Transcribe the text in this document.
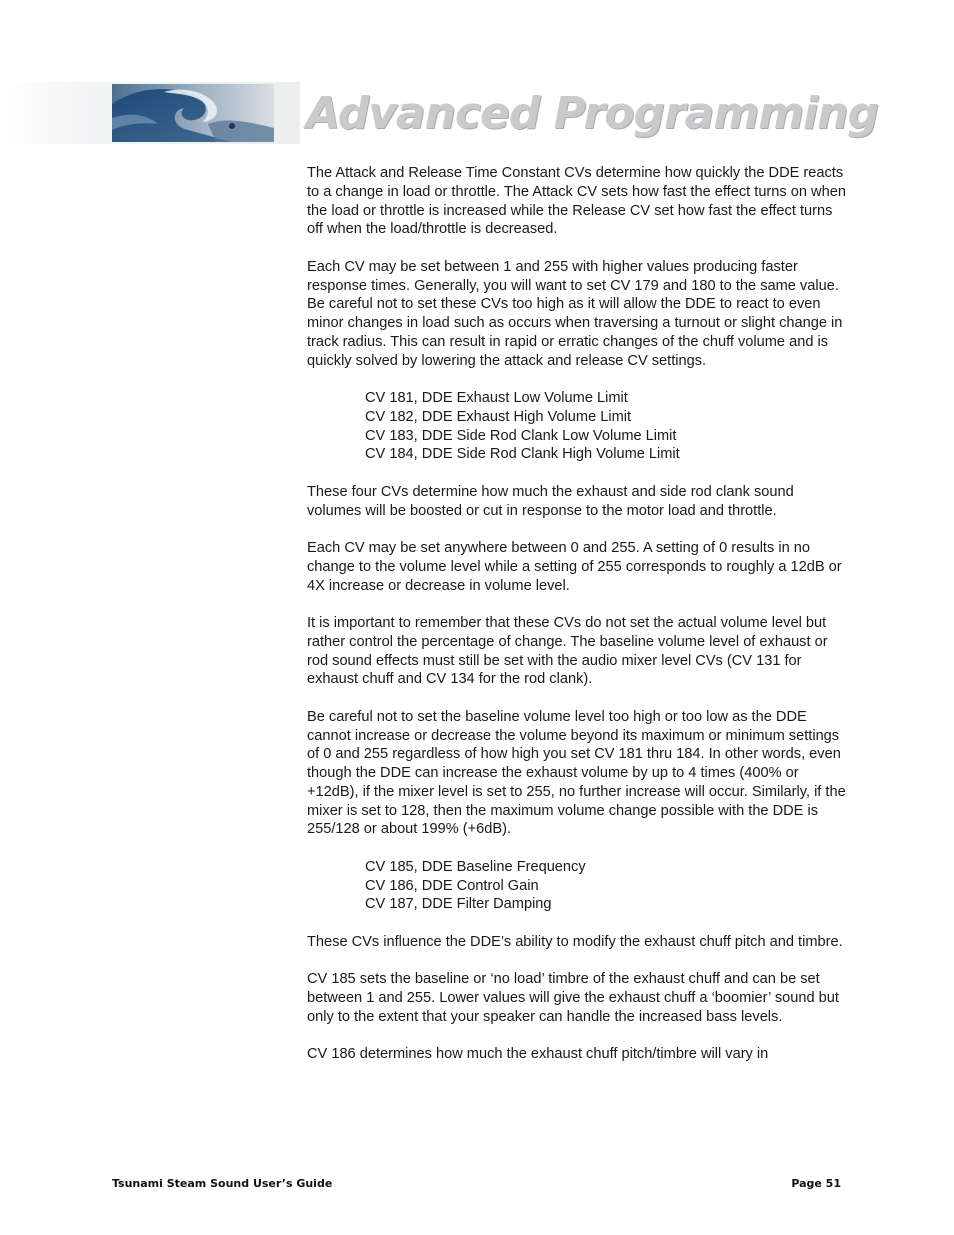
Advanced Programming

The Attack and Release Time Constant CVs determine how quickly the DDE reacts to a change in load or throttle. The Attack CV sets how fast the effect turns on when the load or throttle is increased while the Release CV set how fast the effect turns off when the load/throttle is decreased.

Each CV may be set between 1 and 255 with higher values producing faster response times. Generally, you will want to set CV 179 and 180 to the same value. Be careful not to set these CVs too high as it will allow the DDE to react to even minor changes in load such as occurs when traversing a turnout or slight change in track radius. This can result in rapid or erratic changes of the chuff volume and is quickly solved by lowering the attack and release CV settings.

CV 181, DDE Exhaust Low Volume Limit
CV 182, DDE Exhaust High Volume Limit
CV 183, DDE Side Rod Clank Low Volume Limit
CV 184, DDE Side Rod Clank High Volume Limit

These four CVs determine how much the exhaust and side rod clank sound volumes will be boosted or cut in response to the motor load and throttle.

Each CV may be set anywhere between 0 and 255. A setting of 0 results in no change to the volume level while a setting of 255 corresponds to roughly a 12dB or 4X increase or decrease in volume level.

It is important to remember that these CVs do not set the actual volume level but rather control the percentage of change. The baseline volume level of exhaust or rod sound effects must still be set with the audio mixer level CVs (CV 131 for exhaust chuff and CV 134 for the rod clank).

Be careful not to set the baseline volume level too high or too low as the DDE cannot increase or decrease the volume beyond its maximum or minimum settings of 0 and 255 regardless of how high you set CV 181 thru 184. In other words, even though the DDE can increase the exhaust volume by up to 4 times (400% or +12dB), if the mixer level is set to 255, no further increase will occur. Similarly, if the mixer is set to 128, then the maximum volume change possible with the DDE is 255/128 or about 199% (+6dB).

CV 185, DDE Baseline Frequency
CV 186, DDE Control Gain
CV 187, DDE Filter Damping

These CVs influence the DDE’s ability to modify the exhaust chuff pitch and timbre.

CV 185 sets the baseline or ‘no load’ timbre of the exhaust chuff and can be set between 1 and 255. Lower values will give the exhaust chuff a ‘boomier’ sound but only to the extent that your speaker can handle the increased bass levels.

CV 186 determines how much the exhaust chuff pitch/timbre will vary in

Tsunami Steam Sound User’s Guide	Page 51
